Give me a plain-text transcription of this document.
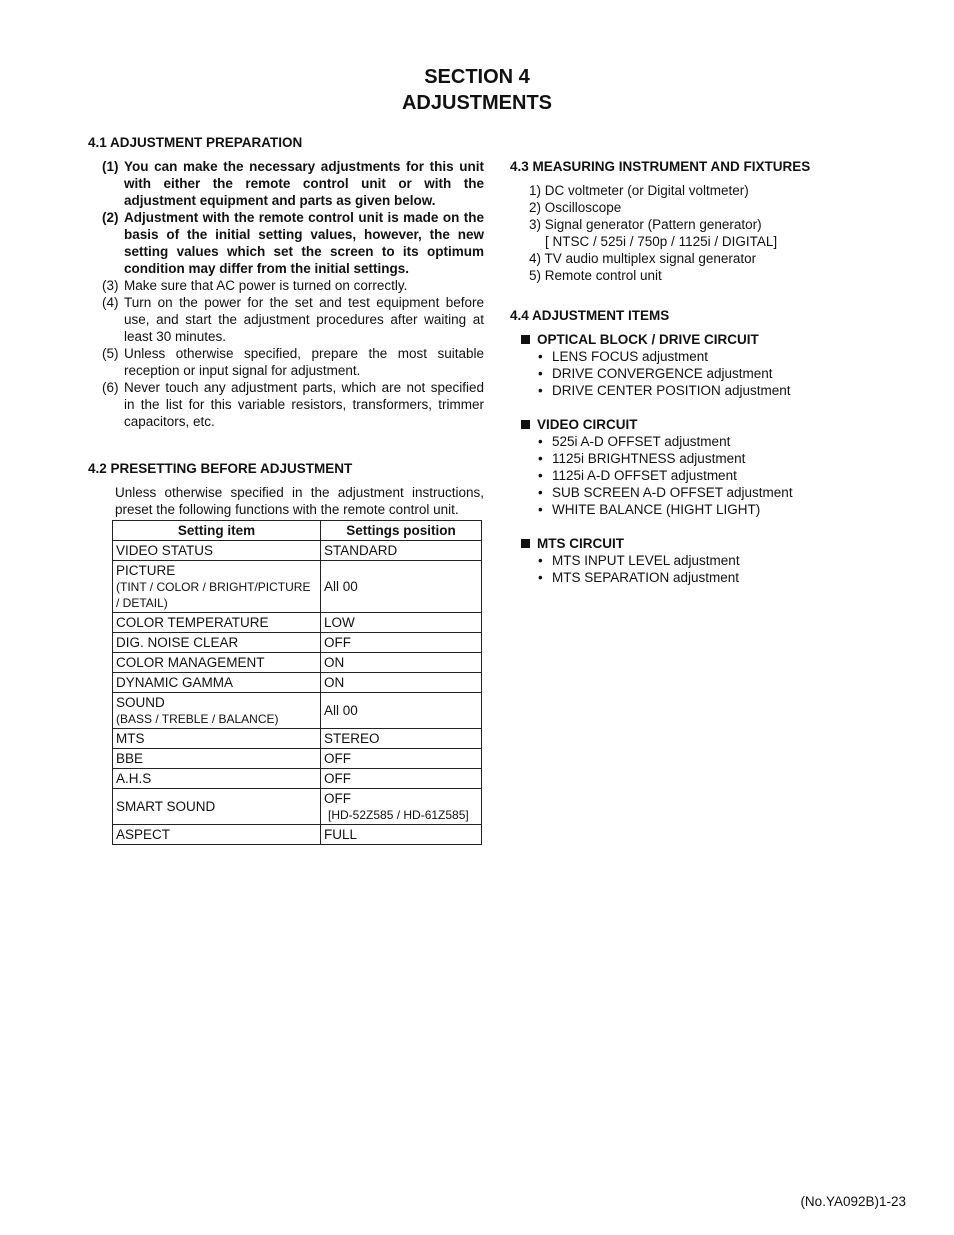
SECTION 4
ADJUSTMENTS
4.1 ADJUSTMENT PREPARATION
(1) You can make the necessary adjustments for this unit with either the remote control unit or with the adjustment equipment and parts as given below.
(2) Adjustment with the remote control unit is made on the basis of the initial setting values, however, the new setting values which set the screen to its optimum condition may differ from the initial settings.
(3) Make sure that AC power is turned on correctly.
(4) Turn on the power for the set and test equipment before use, and start the adjustment procedures after waiting at least 30 minutes.
(5) Unless otherwise specified, prepare the most suitable reception or input signal for adjustment.
(6) Never touch any adjustment parts, which are not specified in the list for this variable resistors, transformers, trimmer capacitors, etc.
4.2 PRESETTING BEFORE ADJUSTMENT
Unless otherwise specified in the adjustment instructions, preset the following functions with the remote control unit.
Setting item	Settings position
VIDEO STATUS	STANDARD
PICTURE
(TINT / COLOR / BRIGHT/PICTURE / DETAIL)	All 00
COLOR TEMPERATURE	LOW
DIG. NOISE CLEAR	OFF
COLOR MANAGEMENT	ON
DYNAMIC GAMMA	ON
SOUND
(BASS / TREBLE / BALANCE)	All 00
MTS	STEREO
BBE	OFF
A.H.S	OFF
SMART SOUND	OFF
[HD-52Z585 / HD-61Z585]

ASPECT	FULL
4.3 MEASURING INSTRUMENT AND FIXTURES
1) DC voltmeter (or Digital voltmeter)
2) Oscilloscope
3) Signal generator (Pattern generator)
[ NTSC / 525i / 750p / 1125i / DIGITAL]
4) TV audio multiplex signal generator
5) Remote control unit
4.4 ADJUSTMENT ITEMS
OPTICAL BLOCK / DRIVE CIRCUIT
• LENS FOCUS adjustment
• DRIVE CONVERGENCE adjustment
• DRIVE CENTER POSITION adjustment
VIDEO CIRCUIT
• 525i A-D OFFSET adjustment
• 1125i BRIGHTNESS adjustment
• 1125i A-D OFFSET adjustment
• SUB SCREEN A-D OFFSET adjustment
• WHITE BALANCE (HIGHT LIGHT)
MTS CIRCUIT
• MTS INPUT LEVEL adjustment
• MTS SEPARATION adjustment
(No.YA092B)1-23
